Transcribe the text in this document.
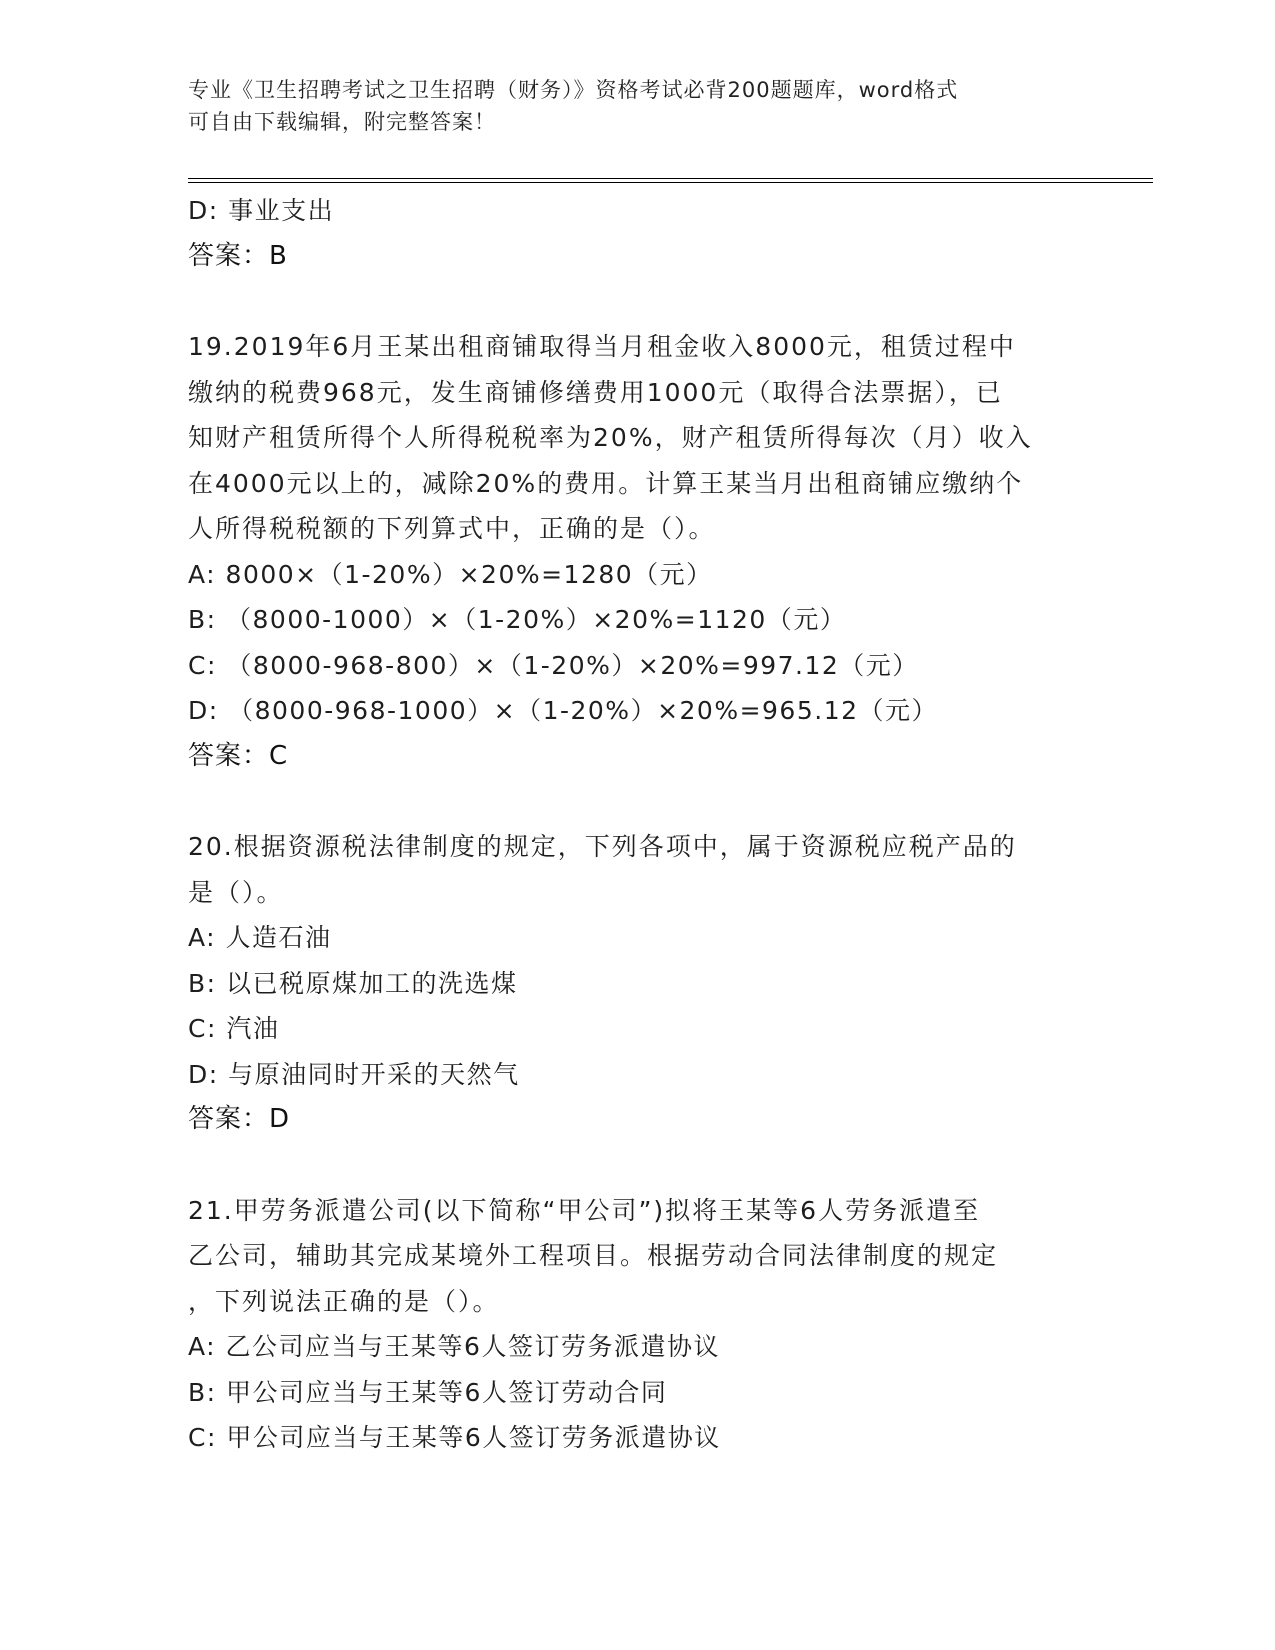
专业《卫生招聘考试之卫生招聘（财务）》资格考试必背200题题库，word格式
可自由下载编辑，附完整答案！
D: 事业支出
答案：B
19.2019年6月王某出租商铺取得当月租金收入8000元，租赁过程中
缴纳的税费968元，发生商铺修缮费用1000元（取得合法票据），已
知财产租赁所得个人所得税税率为20%，财产租赁所得每次（月）收入
在4000元以上的，减除20%的费用。计算王某当月出租商铺应缴纳个
人所得税税额的下列算式中，正确的是（）。
A: 8000×（1-20%）×20%=1280（元）
B: （8000-1000）×（1-20%）×20%=1120（元）
C: （8000-968-800）×（1-20%）×20%=997.12（元）
D: （8000-968-1000）×（1-20%）×20%=965.12（元）
答案：C
20.根据资源税法律制度的规定，下列各项中，属于资源税应税产品的
是（）。
A: 人造石油
B: 以已税原煤加工的洗选煤
C: 汽油
D: 与原油同时开采的天然气
答案：D
21.甲劳务派遣公司(以下简称“甲公司”)拟将王某等6人劳务派遣至
乙公司，辅助其完成某境外工程项目。根据劳动合同法律制度的规定
，下列说法正确的是（）。
A: 乙公司应当与王某等6人签订劳务派遣协议
B: 甲公司应当与王某等6人签订劳动合同
C: 甲公司应当与王某等6人签订劳务派遣协议
